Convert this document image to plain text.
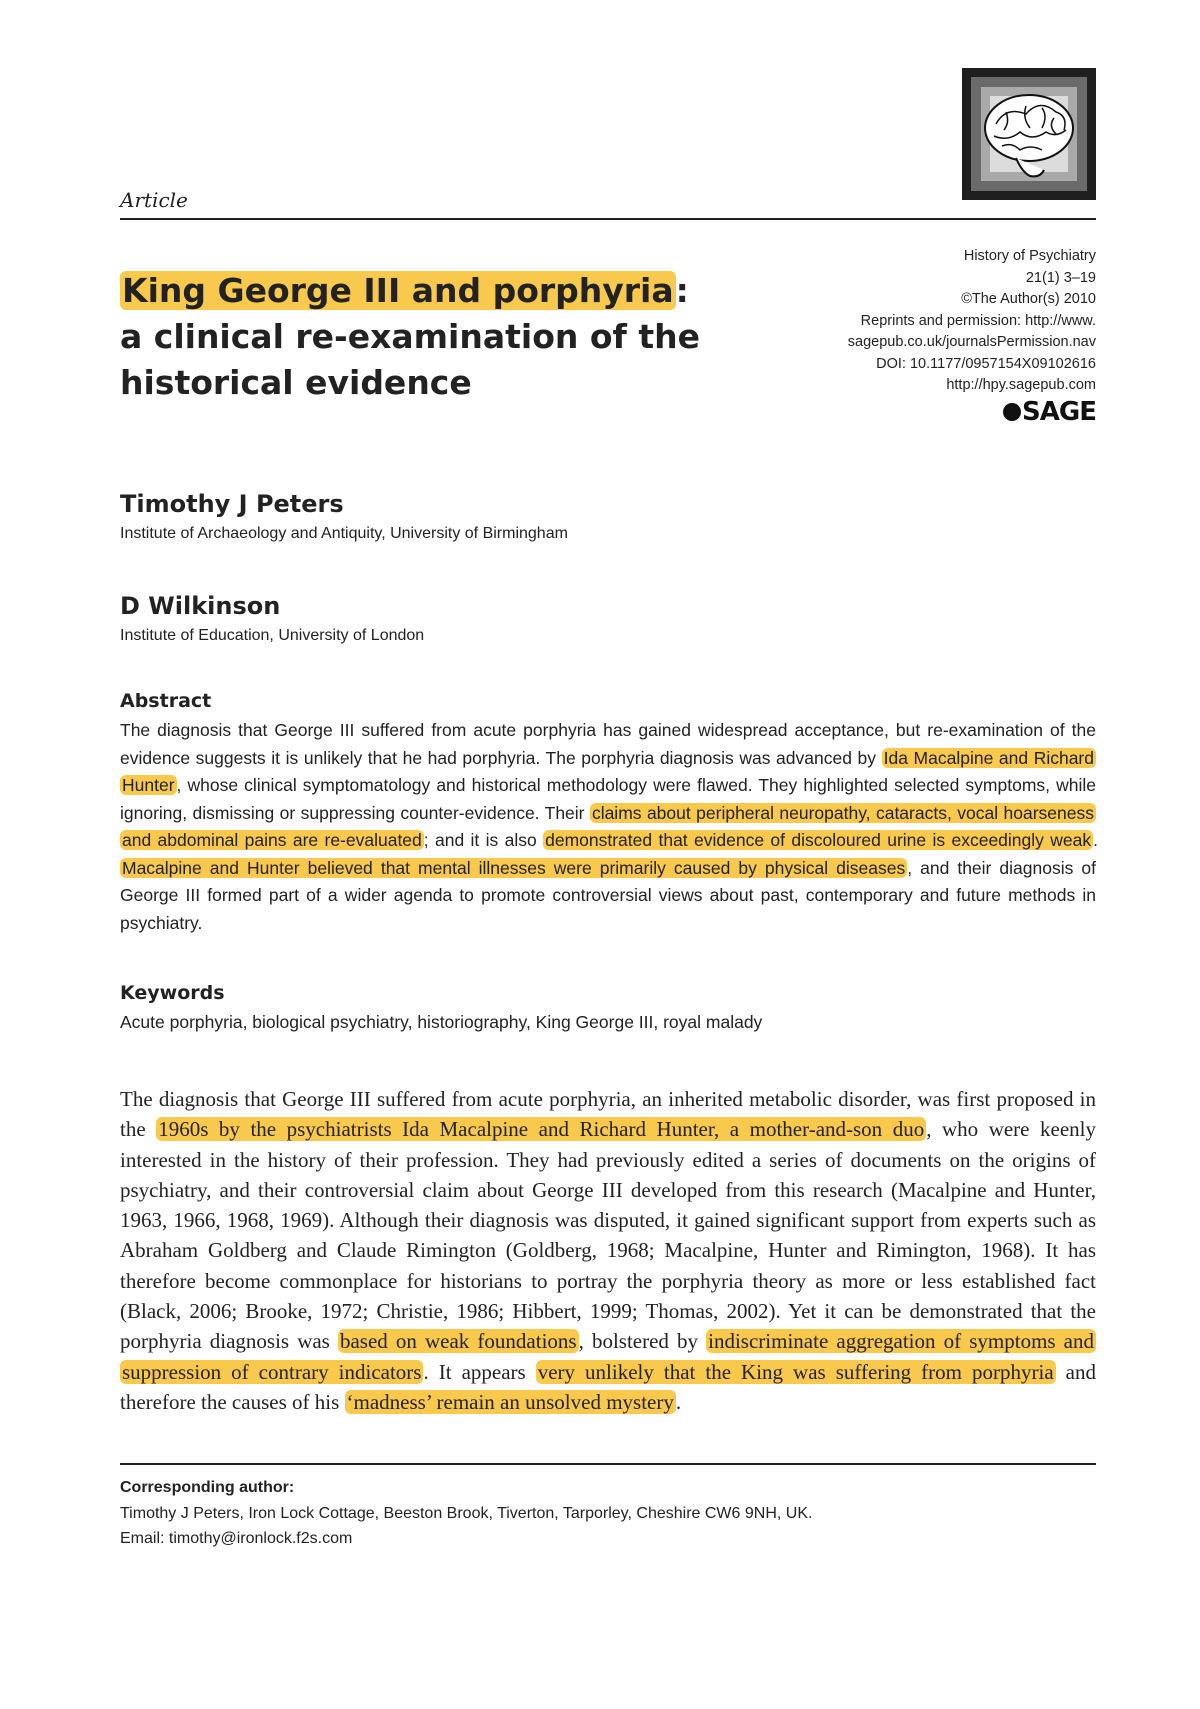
Article
King George III and porphyria:
a clinical re-examination of the historical evidence
History of Psychiatry
21(1) 3–19
©The Author(s) 2010
Reprints and permission: http://www.
sagepub.co.uk/journalsPermission.nav
DOI: 10.1177/0957154X09102616
http://hpy.sagepub.com
SAGE
Timothy J Peters
Institute of Archaeology and Antiquity, University of Birmingham
D Wilkinson
Institute of Education, University of London
Abstract

The diagnosis that George III suffered from acute porphyria has gained widespread acceptance, but re-examination of the evidence suggests it is unlikely that he had porphyria. The porphyria diagnosis was advanced by Ida Macalpine and Richard Hunter , whose clinical symptomatology and historical methodology were flawed. They highlighted selected symptoms, while ignoring, dismissing or suppressing counter-evidence. Their claims about peripheral neuropathy, cataracts, vocal hoarseness and abdominal pains are re-evaluated ; and it is also demonstrated that evidence of discoloured urine is exceedingly weak . Macalpine and Hunter believed that mental illnesses were primarily caused by physical diseases , and their diagnosis of George III formed part of a wider agenda to promote controversial views about past, contemporary and future methods in psychiatry.

Keywords
Acute porphyria, biological psychiatry, historiography, King George III, royal malady

The diagnosis that George III suffered from acute porphyria, an inherited metabolic disorder, was first proposed in the 1960s by the psychiatrists Ida Macalpine and Richard Hunter, a mother-and-son duo, who were keenly interested in the history of their profession. They had previously edited a series of documents on the origins of psychiatry, and their controversial claim about George III developed from this research (Macalpine and Hunter, 1963, 1966, 1968, 1969). Although their diagnosis was disputed, it gained significant support from experts such as Abraham Goldberg and Claude Rimington (Goldberg, 1968; Macalpine, Hunter and Rimington, 1968). It has therefore become commonplace for historians to portray the porphyria theory as more or less established fact (Black, 2006; Brooke, 1972; Christie, 1986; Hibbert, 1999; Thomas, 2002). Yet it can be demonstrated that the porphyria diagnosis was based on weak foundations, bolstered by indiscriminate aggregation of symptoms and suppression of contrary indicators. It appears very unlikely that the King was suffering from porphyria and therefore the causes of his ‘madness’ remain an unsolved mystery.

Corresponding author:
Timothy J Peters, Iron Lock Cottage, Beeston Brook, Tiverton, Tarporley, Cheshire CW6 9NH, UK.
Email: timothy@ironlock.f2s.com
